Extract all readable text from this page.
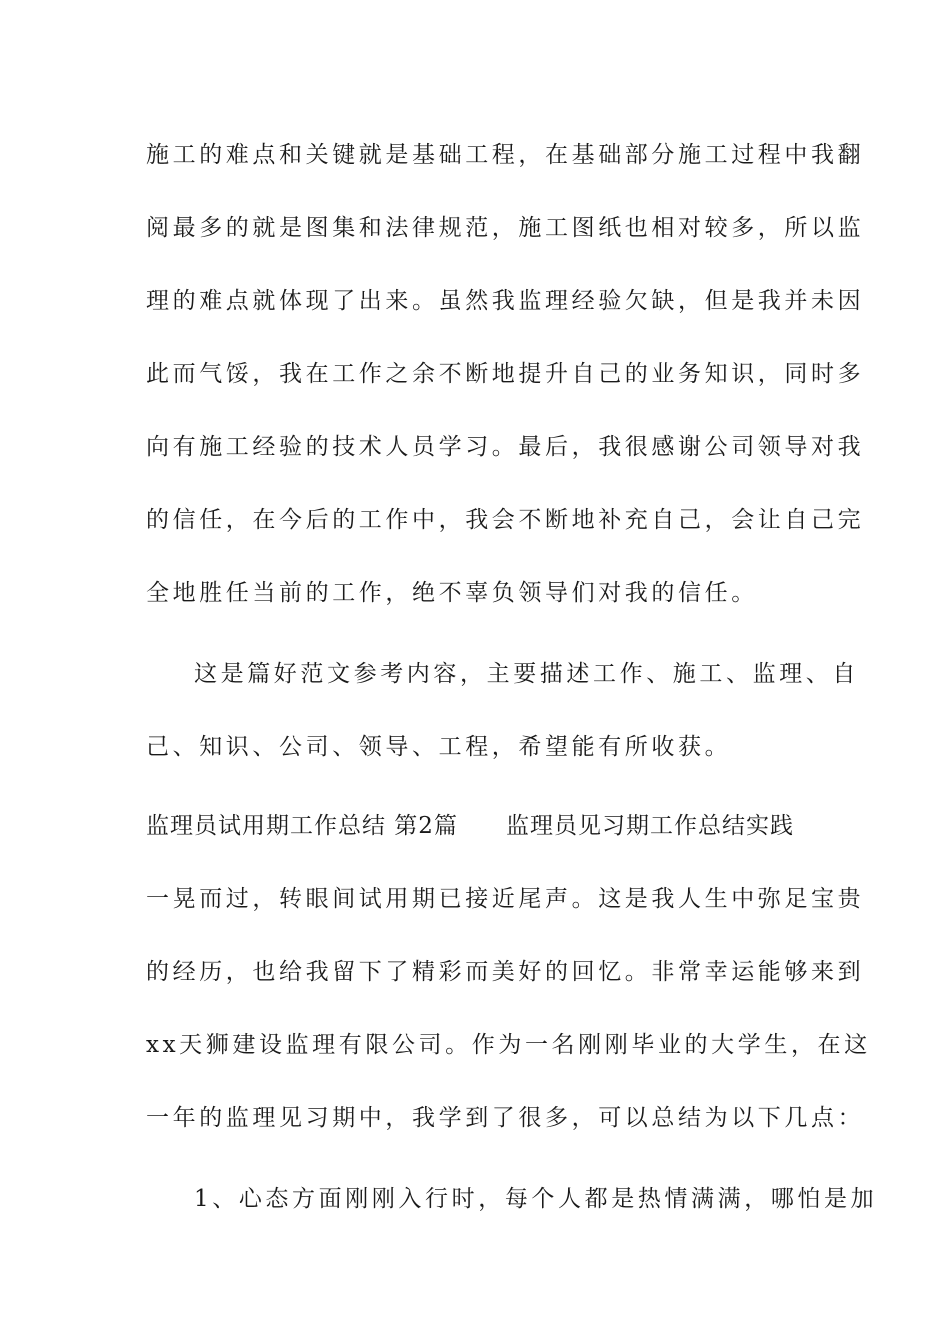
施工的难点和关键就是基础工程，在基础部分施工过程中我翻
阅最多的就是图集和法律规范，施工图纸也相对较多，所以监
理的难点就体现了出来。虽然我监理经验欠缺，但是我并未因
此而气馁，我在工作之余不断地提升自己的业务知识，同时多
向有施工经验的技术人员学习。最后，我很感谢公司领导对我
的信任，在今后的工作中，我会不断地补充自己，会让自己完
全地胜任当前的工作，绝不辜负领导们对我的信任。
这是篇好范文参考内容，主要描述工作、施工、监理、自
己、知识、公司、领导、工程，希望能有所收获。
监理员试用期工作总结 第2篇 监理员见习期工作总结实践
一晃而过，转眼间试用期已接近尾声。这是我人生中弥足宝贵
的经历，也给我留下了精彩而美好的回忆。非常幸运能够来到
xx天狮建设监理有限公司。作为一名刚刚毕业的大学生，在这
一年的监理见习期中，我学到了很多，可以总结为以下几点：
1、心态方面刚刚入行时，每个人都是热情满满，哪怕是加
